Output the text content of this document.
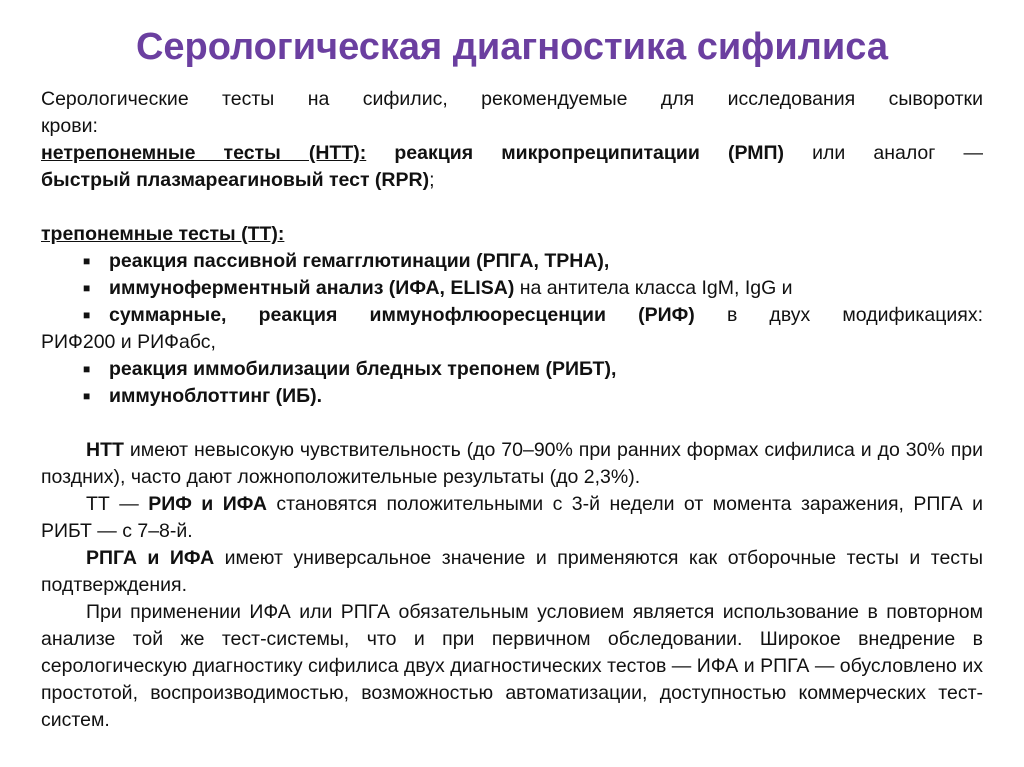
Серологическая диагностика сифилиса

Серологические тесты на сифилис, рекомендуемые для исследования сыворотки

крови:

нетрепонемные тесты (НТТ): реакция микропреципитации (РМП) или аналог —

быстрый плазмареагиновый тест (RPR);

трепонемные тесты (ТТ):

■ реакция пассивной гемагглютинации (РПГА, TPHA),
■ иммуноферментный анализ (ИФА, ELISA) на антитела класса IgM, IgG и
■ суммарные, реакция иммунофлюоресценции (РИФ) в двух модификациях:
РИФ200 и РИФабс,
■ реакция иммобилизации бледных трепонем (РИБТ),
■ иммуноблоттинг (ИБ).

НТТ имеют невысокую чувствительность (до 70–90% при ранних формах сифилиса и до 30% при поздних), часто дают ложноположительные результаты (до 2,3%).

ТТ — РИФ и ИФА становятся положительными с 3-й недели от момента заражения, РПГА и РИБТ — с 7–8-й.

РПГА и ИФА имеют универсальное значение и применяются как отборочные тесты и тесты подтверждения.

При применении ИФА или РПГА обязательным условием является использование в повторном анализе той же тест-системы, что и при первичном обследовании. Широкое внедрение в серологическую диагностику сифилиса двух диагностических тестов — ИФА и РПГА — обусловлено их простотой, воспроизводимостью, возможностью автоматизации, доступностью коммерческих тест-систем.
